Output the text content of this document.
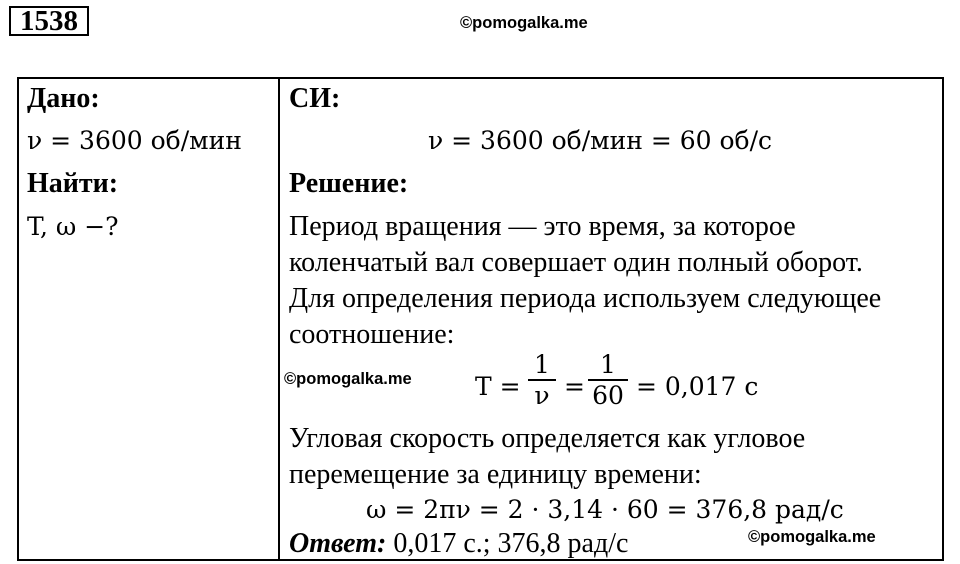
1538	©pomogalka.me
Дано:
ν = 3600 об/мин
Найти:
T, ω −?
СИ:
ν = 3600 об/мин = 60 об/с
Решение:
Период вращения — это время, за которое
коленчатый вал совершает один полный оборот.
Для определения периода используем следующее
соотношение:
©pomogalka.me	$T = \frac{1}{\nu} = \frac{1}{60} = 0,017$ с
Угловая скорость определяется как угловое
перемещение за единицу времени:
ω = 2πν = 2 · 3,14 · 60 = 376,8 рад/с
Ответ: 0,017 с.; 376,8 рад/с	©pomogalka.me
